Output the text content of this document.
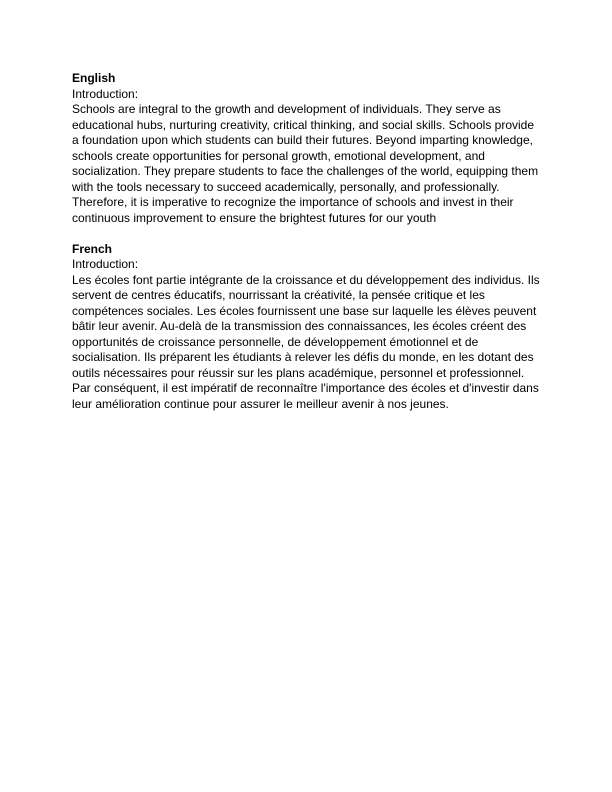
English

Introduction:

Schools are integral to the growth and development of individuals. They serve as
educational hubs, nurturing creativity, critical thinking, and social skills. Schools provide
a foundation upon which students can build their futures. Beyond imparting knowledge,
schools create opportunities for personal growth, emotional development, and
socialization. They prepare students to face the challenges of the world, equipping them
with the tools necessary to succeed academically, personally, and professionally.
Therefore, it is imperative to recognize the importance of schools and invest in their
continuous improvement to ensure the brightest futures for our youth

French

Introduction:

Les écoles font partie intégrante de la croissance et du développement des individus. Ils
servent de centres éducatifs, nourrissant la créativité, la pensée critique et les
compétences sociales. Les écoles fournissent une base sur laquelle les élèves peuvent
bâtir leur avenir. Au-delà de la transmission des connaissances, les écoles créent des
opportunités de croissance personnelle, de développement émotionnel et de
socialisation. Ils préparent les étudiants à relever les défis du monde, en les dotant des
outils nécessaires pour réussir sur les plans académique, personnel et professionnel.
Par conséquent, il est impératif de reconnaître l'importance des écoles et d'investir dans
leur amélioration continue pour assurer le meilleur avenir à nos jeunes.
